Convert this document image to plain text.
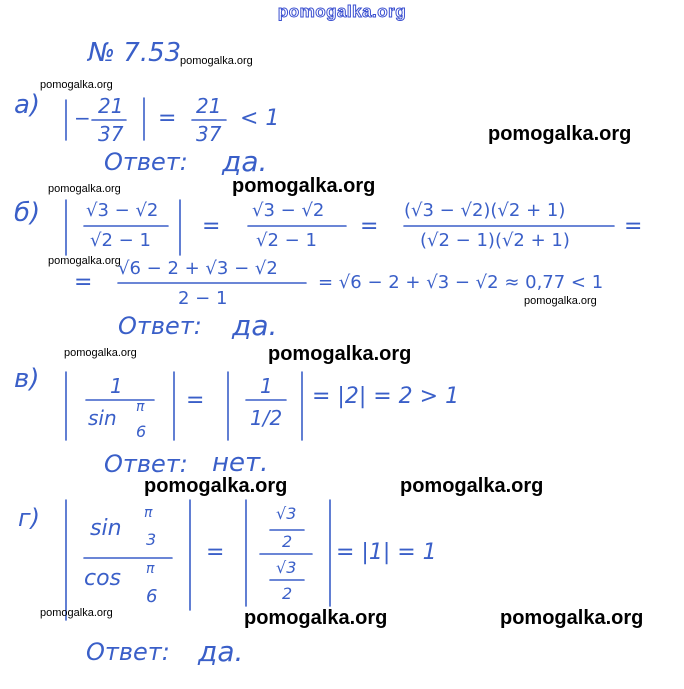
pomogalka.org
№ 7.53
а) − 21
37
= 21
37
< 1
Ответ: да.
б)	√3 − √2
√2 − 1
=
√3 − √2
√2 − 1
=
(√3 − √2)(√2 + 1)
(√2 − 1)(√2 + 1)
=
=
√6 − 2 + √3 − √2
2 − 1
= √6 − 2 + √3 − √2 ≈ 0,77 < 1
Ответ: да.
в)	1
sin π
6
=
1
1/2
= |2| = 2 > 1
Ответ: нет.
г) sin
π
3
cos π
6
=
√3
2
√3
2
= |1| = 1
Ответ: да.
pomogalka.org
pomogalka.org
pomogalka.org
pomogalka.org	pomogalka.org
pomogalka.org
pomogalka.org
pomogalka.org	pomogalka.org
pomogalka.org	pomogalka.org
pomogalka.org	pomogalka.org	pomogalka.org
